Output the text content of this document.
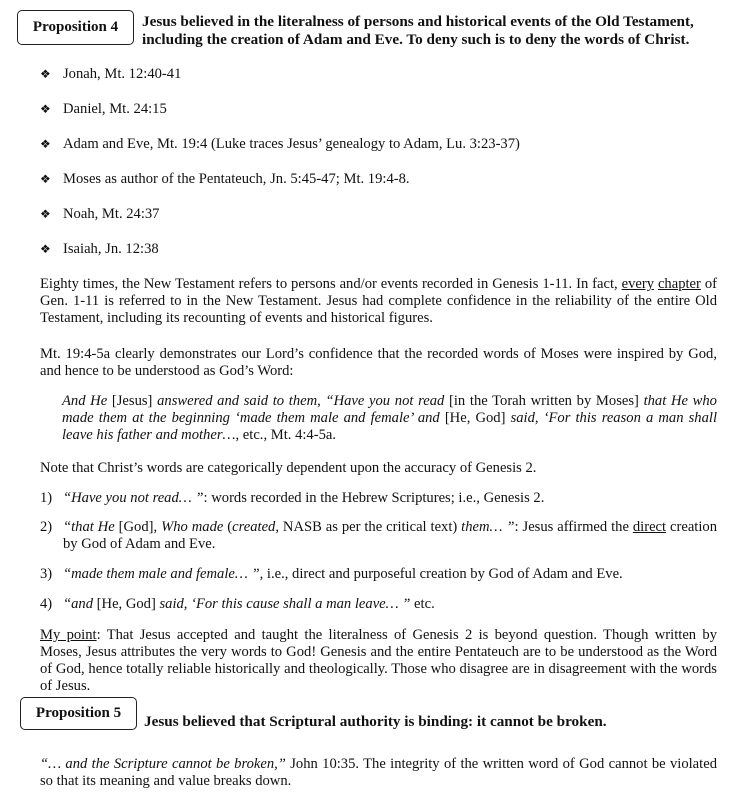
Proposition 4 Jesus believed in the literalness of persons and historical events of the Old Testament,
including the creation of Adam and Eve. To deny such is to deny the words of Christ.
❖ Jonah, Mt. 12:40-41
❖ Daniel, Mt. 24:15
❖ Adam and Eve, Mt. 19:4 (Luke traces Jesus’ genealogy to Adam, Lu. 3:23-37)
❖ Moses as author of the Pentateuch, Jn. 5:45-47; Mt. 19:4-8.
❖ Noah, Mt. 24:37
❖ Isaiah, Jn. 12:38
Eighty times, the New Testament refers to persons and/or events recorded in Genesis 1-11. In fact, every chapter of Gen. 1-11 is referred to in the New Testament. Jesus had complete confidence in the reliability of the entire Old Testament, including its recounting of events and historical figures.
Mt. 19:4-5a clearly demonstrates our Lord’s confidence that the recorded words of Moses were inspired by God, and hence to be understood as God’s Word:
And He [Jesus] answered and said to them, “Have you not read [in the Torah written by Moses] that He who made them at the beginning ‘made them male and female’ and [He, God] said, ‘For this reason a man shall leave his father and mother…, etc., Mt. 4:4-5a.
Note that Christ’s words are categorically dependent upon the accuracy of Genesis 2.
1) “Have you not read… ”: words recorded in the Hebrew Scriptures; i.e., Genesis 2.
2) “that He [God], Who made (created, NASB as per the critical text) them… ”: Jesus affirmed the direct creation by God of Adam and Eve.
3) “made them male and female… ”, i.e., direct and purposeful creation by God of Adam and Eve.
4) “and [He, God] said, ‘For this cause shall a man leave… ” etc.
My point: That Jesus accepted and taught the literalness of Genesis 2 is beyond question. Though written by Moses, Jesus attributes the very words to God! Genesis and the entire Pentateuch are to be understood as the Word of God, hence totally reliable historically and theologically. Those who disagree are in disagreement with the words of Jesus.
Proposition 5 Jesus believed that Scriptural authority is binding: it cannot be broken.
“… and the Scripture cannot be broken,” John 10:35. The integrity of the written word of God cannot be violated so that its meaning and value breaks down.
